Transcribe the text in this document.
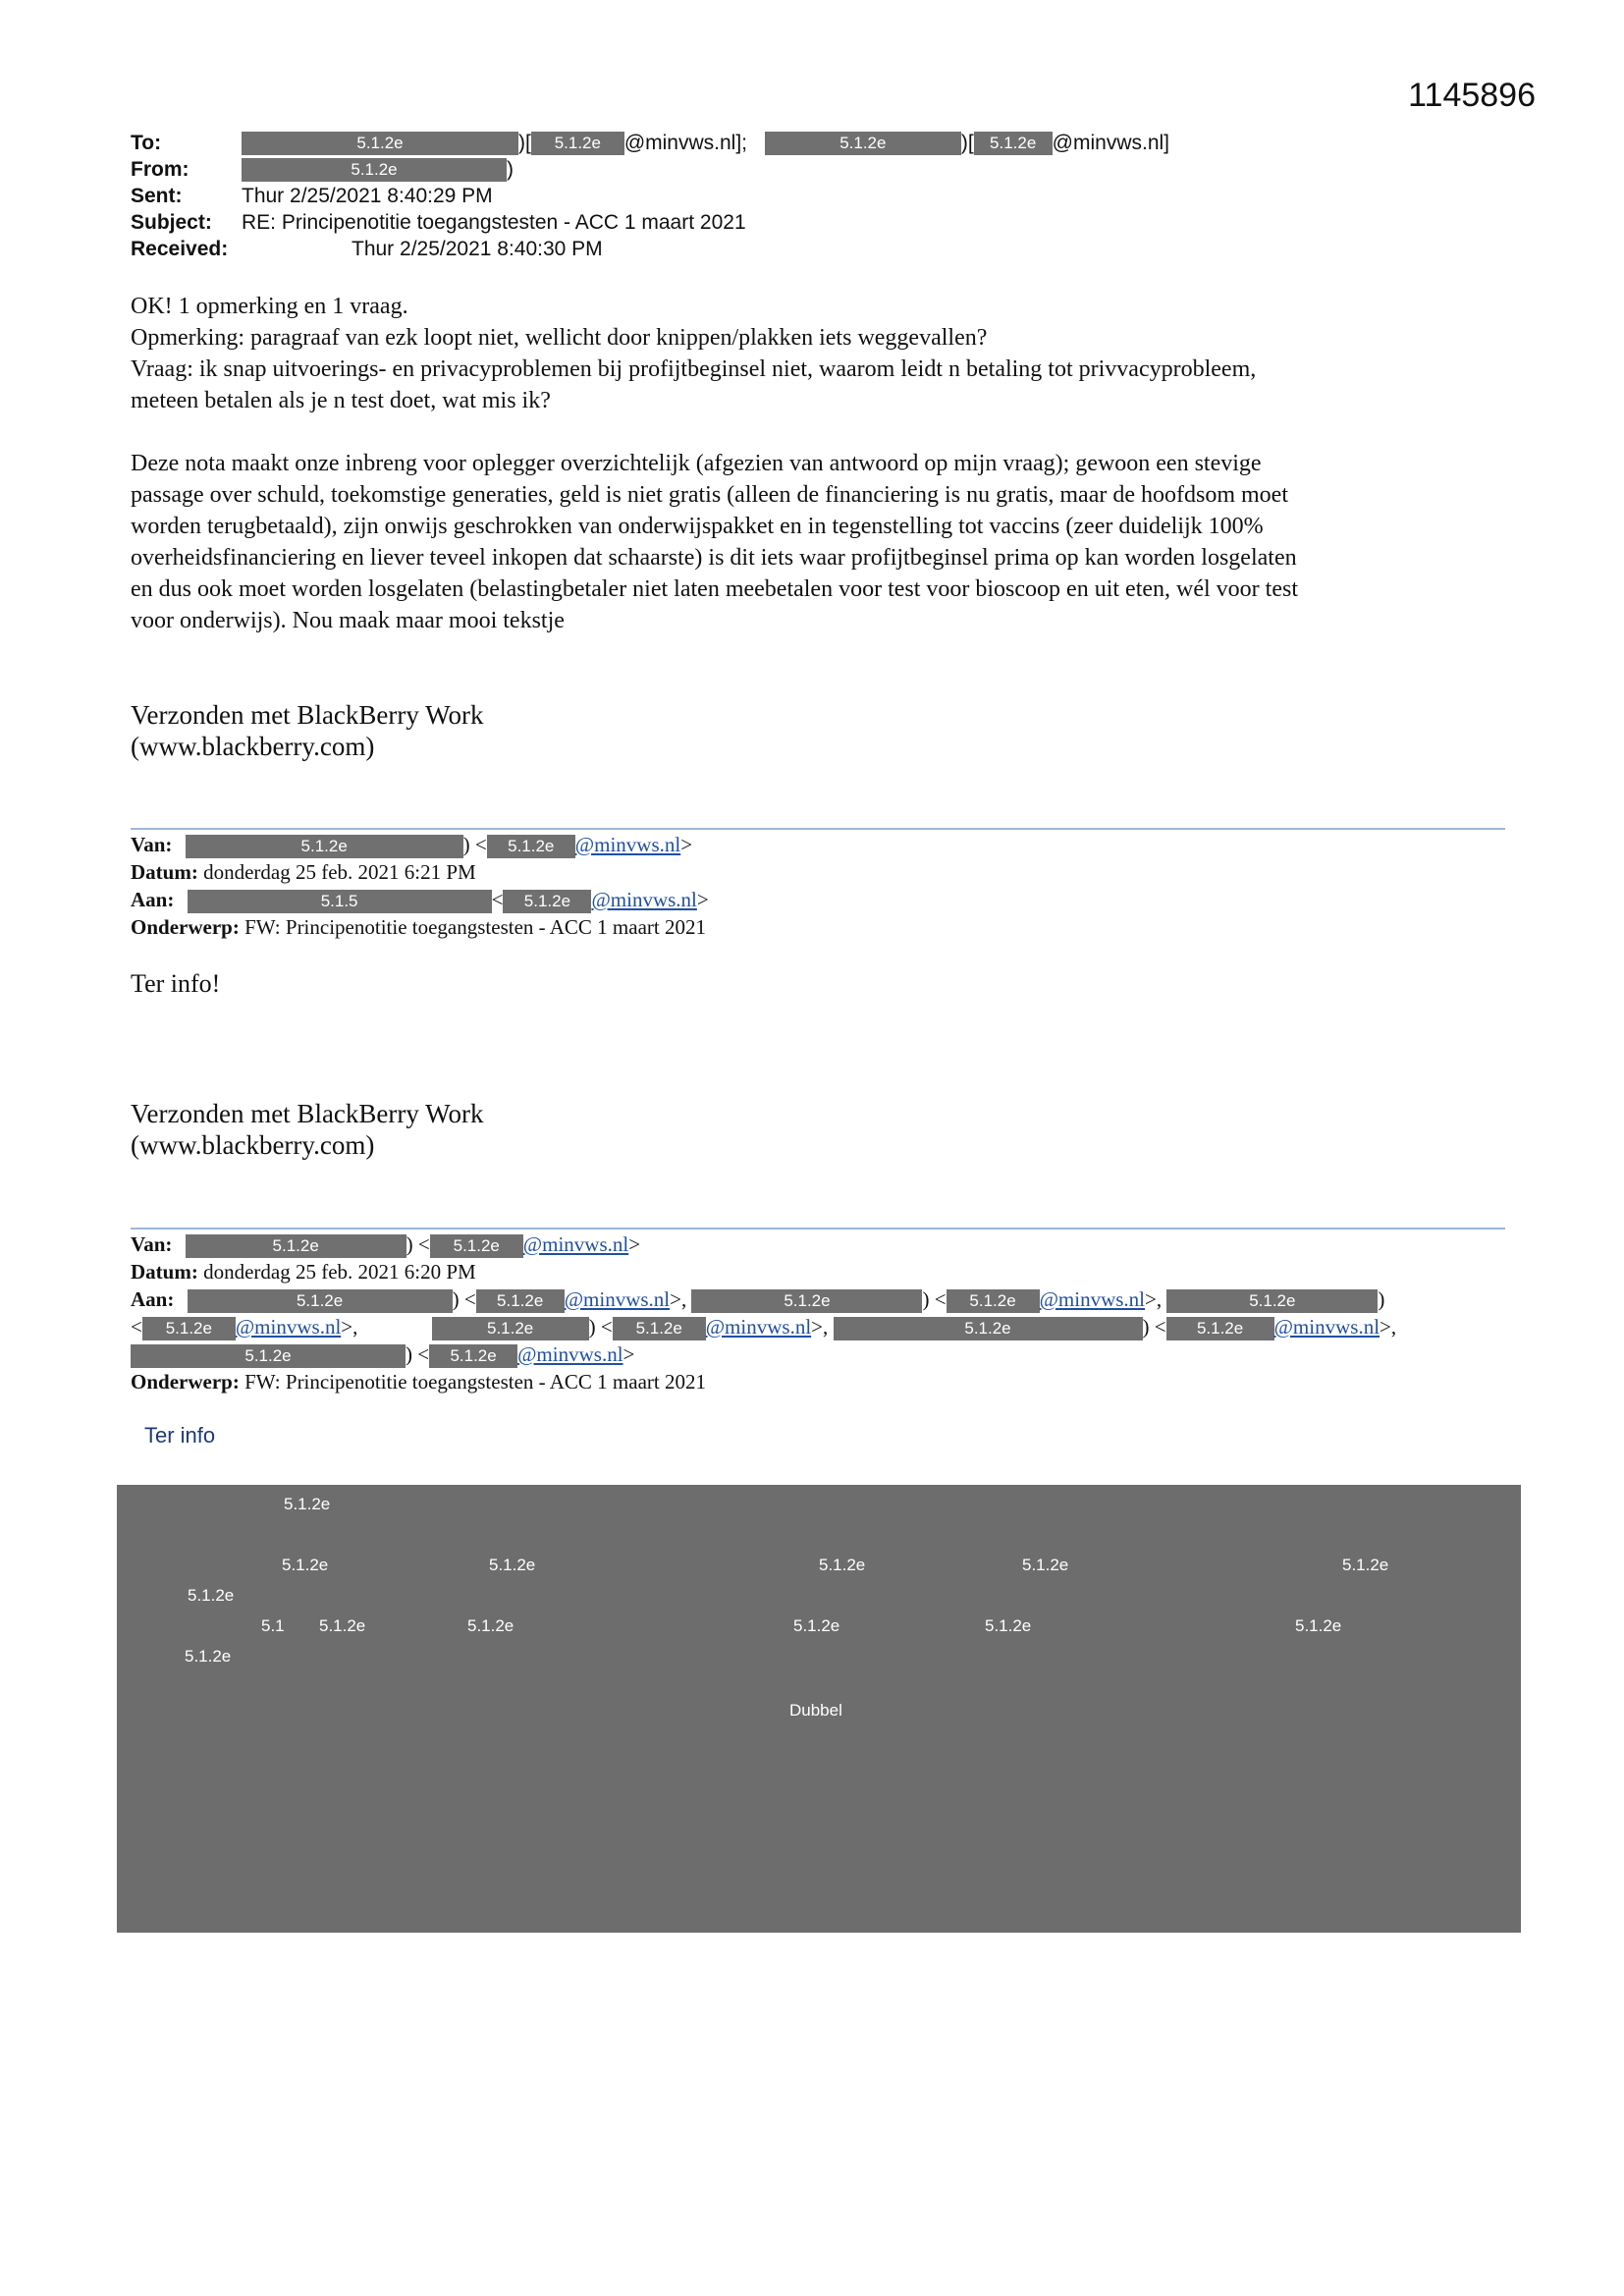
1145896
To:	5.1.2e	)[ 5.1.2e @minvws.nl];	5.1.2e	)[ 5.1.2e @minvws.nl]
From:	5.1.2e	)
Sent:	Thur 2/25/2021 8:40:29 PM
Subject: RE: Principenotitie toegangstesten - ACC 1 maart 2021
Received:	Thur 2/25/2021 8:40:30 PM

OK! 1 opmerking en 1 vraag.

Opmerking: paragraaf van ezk loopt niet, wellicht door knippen/plakken iets weggevallen?

Vraag: ik snap uitvoerings- en privacyproblemen bij profijtbeginsel niet, waarom leidt n betaling tot privvacyprobleem,

meteen betalen als je n test doet, wat mis ik?

Deze nota maakt onze inbreng voor oplegger overzichtelijk (afgezien van antwoord op mijn vraag); gewoon een stevige

passage over schuld, toekomstige generaties, geld is niet gratis (alleen de financiering is nu gratis, maar de hoofdsom moet

worden terugbetaald), zijn onwijs geschrokken van onderwijspakket en in tegenstelling tot vaccins (zeer duidelijk 100%

overheidsfinanciering en liever teveel inkopen dat schaarste) is dit iets waar profijtbeginsel prima op kan worden losgelaten

en dus ook moet worden losgelaten (belastingbetaler niet laten meebetalen voor test voor bioscoop en uit eten, wél voor test

voor onderwijs). Nou maak maar mooi tekstje

Verzonden met BlackBerry Work
(www.blackberry.com)
Van:	5.1.2e	) < 5.1.2e @minvws.nl>
Datum: donderdag 25 feb. 2021 6:21 PM
Aan:	5.1.5	< 5.1.2e @minvws.nl>
Onderwerp: FW: Principenotitie toegangstesten - ACC 1 maart 2021
Ter info!
Verzonden met BlackBerry Work
(www.blackberry.com)
Van:	5.1.2e	) < 5.1.2e @minvws.nl>
Datum: donderdag 25 feb. 2021 6:20 PM
Aan:	5.1.2e	) < 5.1.2e @minvws.nl>,	5.1.2e	) < 5.1.2e @minvws.nl>,	5.1.2e	)
< 5.1.2e @minvws.nl>,	5.1.2e	) < 5.1.2e @minvws.nl>,	5.1.2e	) < 5.1.2e @minvws.nl>,
5.1.2e	) < 5.1.2e @minvws.nl>
Onderwerp: FW: Principenotitie toegangstesten - ACC 1 maart 2021
Ter info
5.1.2e
5.1.2e	5.1.2e	5.1.2e	5.1.2e	5.1.2e
5.1.2e
5.1 5.1.2e	5.1.2e	5.1.2e	5.1.2e	5.1.2e
5.1.2e
Dubbel
